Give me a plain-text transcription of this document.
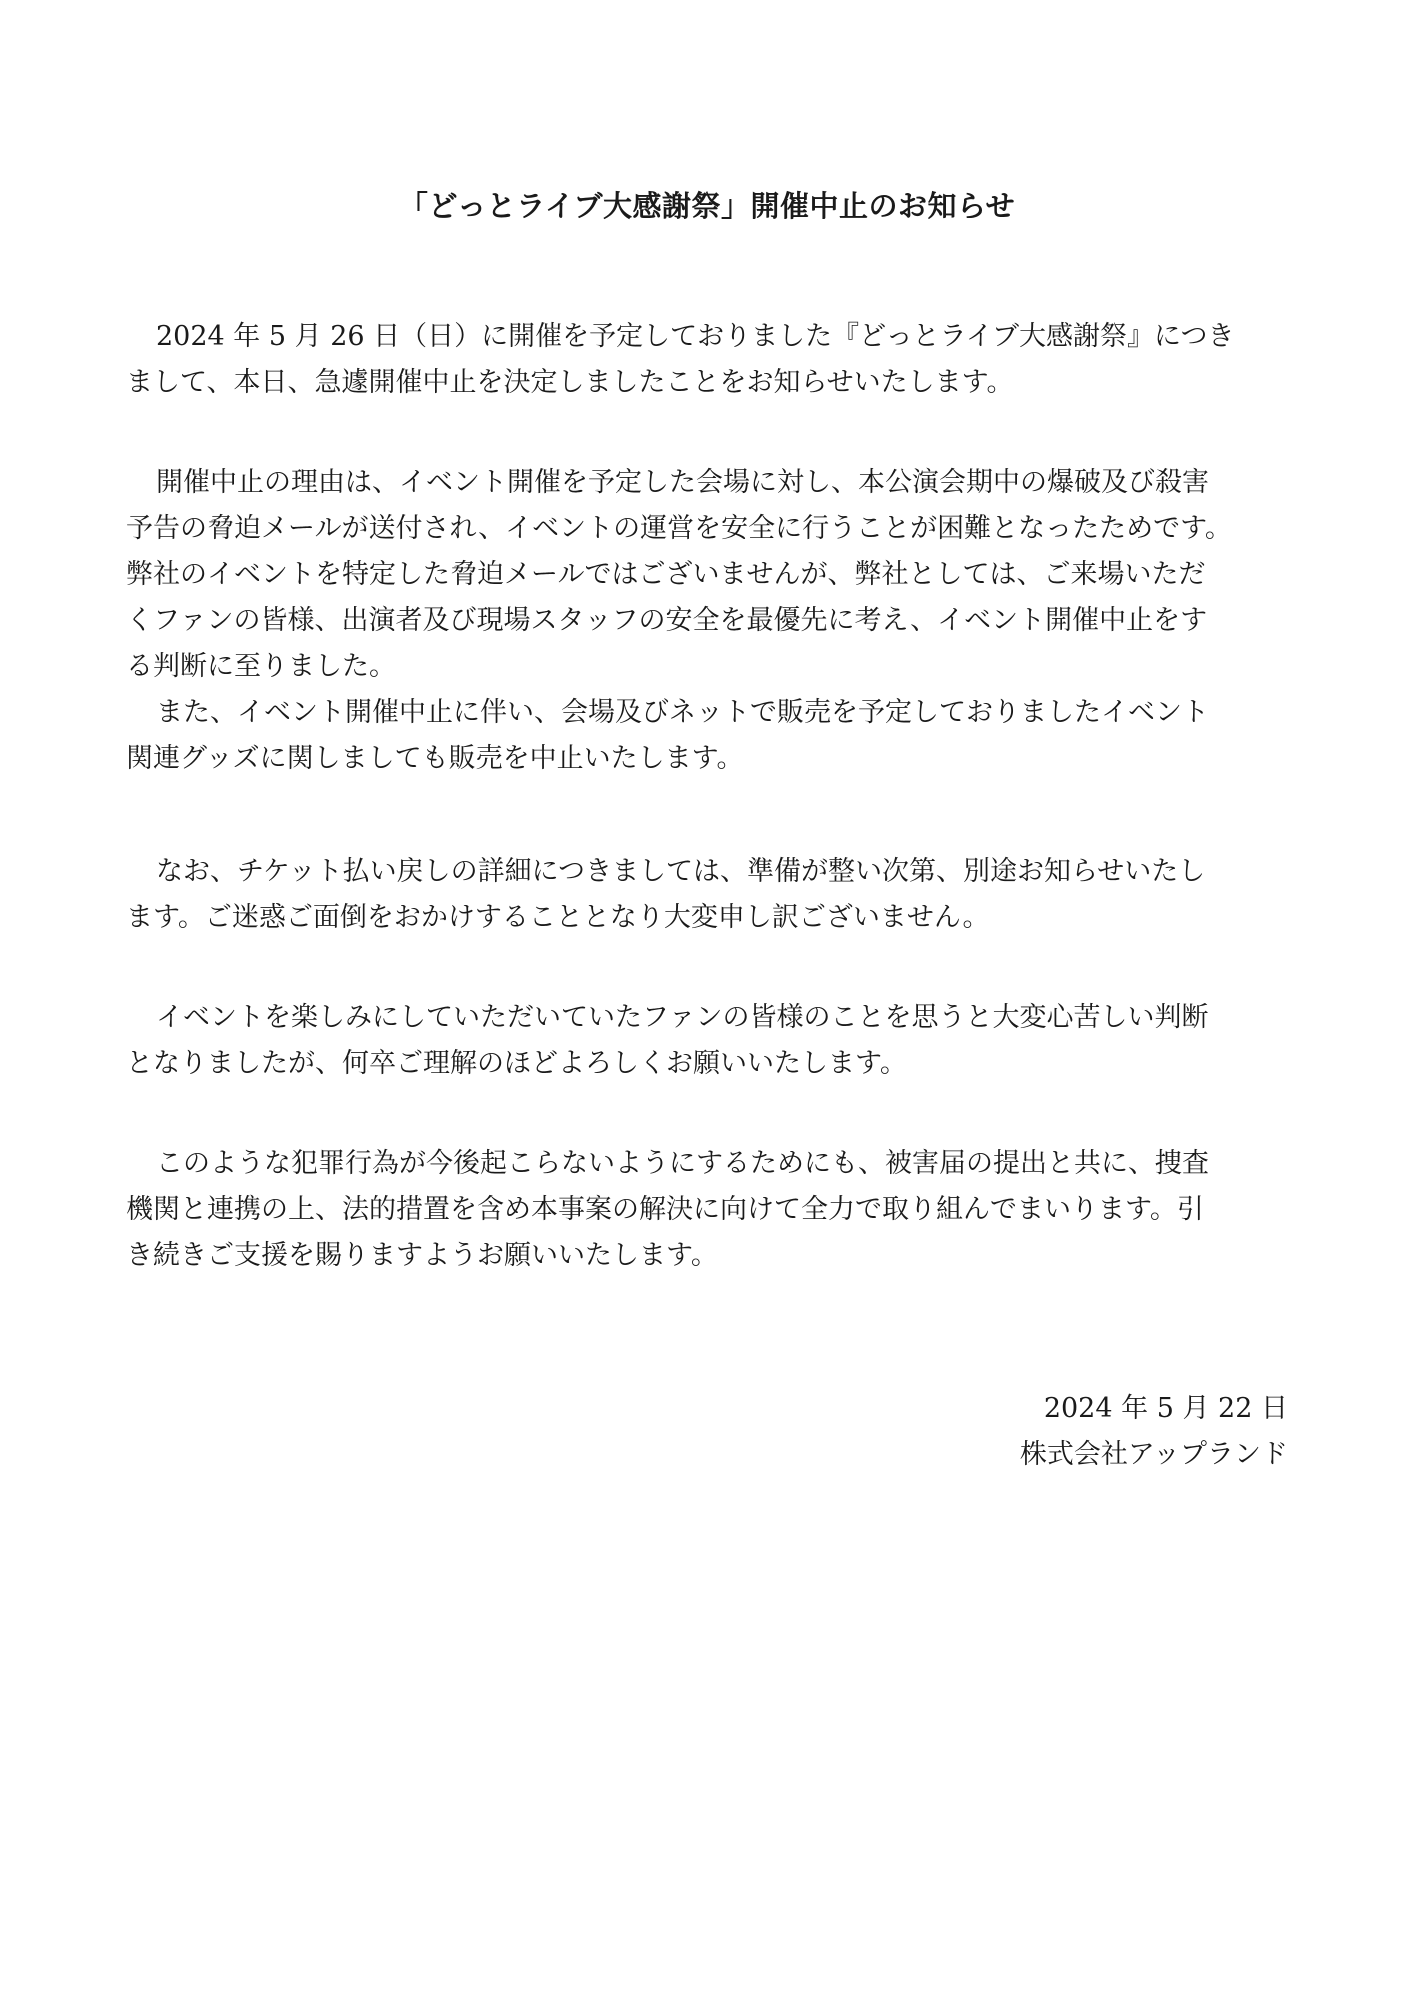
「どっとライブ大感謝祭」開催中止のお知らせ
2024 年 5 月 26 日（日）に開催を予定しておりました『どっとライブ大感謝祭』につき
まして、本日、急遽開催中止を決定しましたことをお知らせいたします。
開催中止の理由は、イベント開催を予定した会場に対し、本公演会期中の爆破及び殺害
予告の脅迫メールが送付され、イベントの運営を安全に行うことが困難となったためです。
弊社のイベントを特定した脅迫メールではございませんが、弊社としては、ご来場いただ
くファンの皆様、出演者及び現場スタッフの安全を最優先に考え、イベント開催中止をす
る判断に至りました。
また、イベント開催中止に伴い、会場及びネットで販売を予定しておりましたイベント
関連グッズに関しましても販売を中止いたします。
なお、チケット払い戻しの詳細につきましては、準備が整い次第、別途お知らせいたし
ます。ご迷惑ご面倒をおかけすることとなり大変申し訳ございません。
イベントを楽しみにしていただいていたファンの皆様のことを思うと大変心苦しい判断
となりましたが、何卒ご理解のほどよろしくお願いいたします。
このような犯罪行為が今後起こらないようにするためにも、被害届の提出と共に、捜査
機関と連携の上、法的措置を含め本事案の解決に向けて全力で取り組んでまいります。引
き続きご支援を賜りますようお願いいたします。
2024 年 5 月 22 日
株式会社アップランド
